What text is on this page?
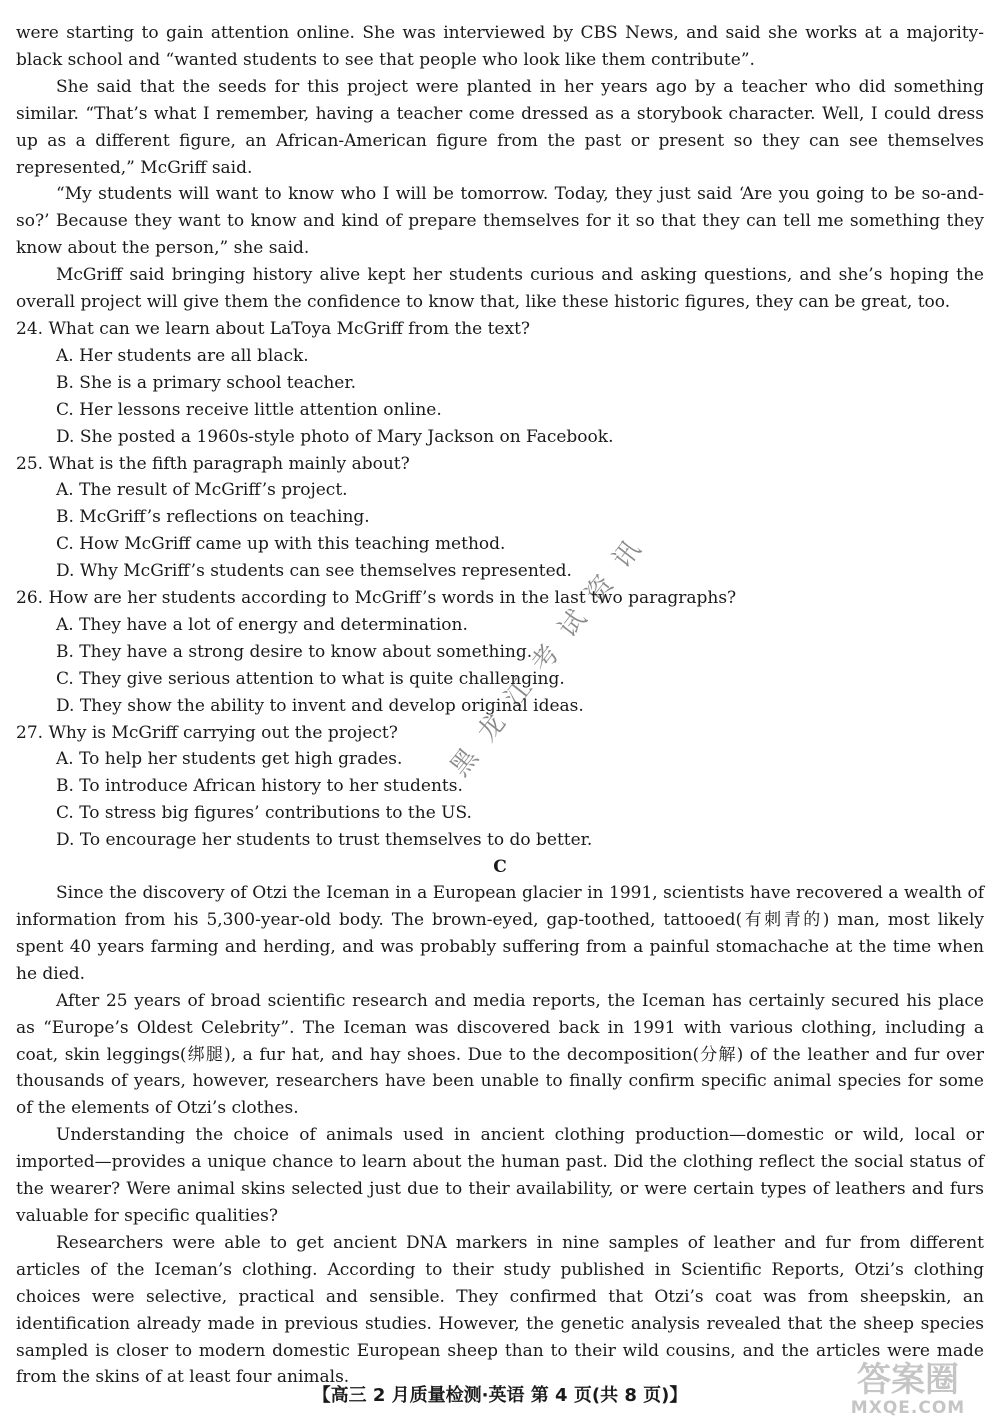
were starting to gain attention online. She was interviewed by CBS News, and said she works at a majority-black school and “wanted students to see that people who look like them contribute”.

She said that the seeds for this project were planted in her years ago by a teacher who did something similar. “That’s what I remember, having a teacher come dressed as a storybook character. Well, I could dress up as a different figure, an African-American figure from the past or present so they can see themselves represented,” McGriff said.

“My students will want to know who I will be tomorrow. Today, they just said ‘Are you going to be so-and-so?’ Because they want to know and kind of prepare themselves for it so that they can tell me something they know about the person,” she said.

McGriff said bringing history alive kept her students curious and asking questions, and she’s hoping the overall project will give them the confidence to know that, like these historic figures, they can be great, too.

24. What can we learn about LaToya McGriff from the text?
A. Her students are all black.
B. She is a primary school teacher.
C. Her lessons receive little attention online.
D. She posted a 1960s-style photo of Mary Jackson on Facebook.
25. What is the fifth paragraph mainly about?
A. The result of McGriff’s project.
B. McGriff’s reflections on teaching.
C. How McGriff came up with this teaching method.
D. Why McGriff’s students can see themselves represented.
26. How are her students according to McGriff’s words in the last two paragraphs?
A. They have a lot of energy and determination.
B. They have a strong desire to know about something.
C. They give serious attention to what is quite challenging.
D. They show the ability to invent and develop original ideas.
27. Why is McGriff carrying out the project?
A. To help her students get high grades.
B. To introduce African history to her students.
C. To stress big figures’ contributions to the US.
D. To encourage her students to trust themselves to do better.
C

Since the discovery of Otzi the Iceman in a European glacier in 1991, scientists have recovered a wealth of information from his 5,300-year-old body. The brown-eyed, gap-toothed, tattooed(有刺青的) man, most likely spent 40 years farming and herding, and was probably suffering from a painful stomachache at the time when he died.

After 25 years of broad scientific research and media reports, the Iceman has certainly secured his place as “Europe’s Oldest Celebrity”. The Iceman was discovered back in 1991 with various clothing, including a coat, skin leggings(绑腿), a fur hat, and hay shoes. Due to the decomposition(分解) of the leather and fur over thousands of years, however, researchers have been unable to finally confirm specific animal species for some of the elements of Otzi’s clothes.

Understanding the choice of animals used in ancient clothing production—domestic or wild, local or imported—provides a unique chance to learn about the human past. Did the clothing reflect the social status of the wearer? Were animal skins selected just due to their availability, or were certain types of leathers and furs valuable for specific qualities?

Researchers were able to get ancient DNA markers in nine samples of leather and fur from different articles of the Iceman’s clothing. According to their study published in Scientific Reports, Otzi’s clothing choices were selective, practical and sensible. They confirmed that Otzi’s coat was from sheepskin, an identification already made in previous studies. However, the genetic analysis revealed that the sheep species sampled is closer to modern domestic European sheep than to their wild cousins, and the articles were made from the skins of at least four animals.

黑龙江考试资讯
【高三 2 月质量检测·英语 第 4 页(共 8 页)】	答案圈
MXQE.COM
